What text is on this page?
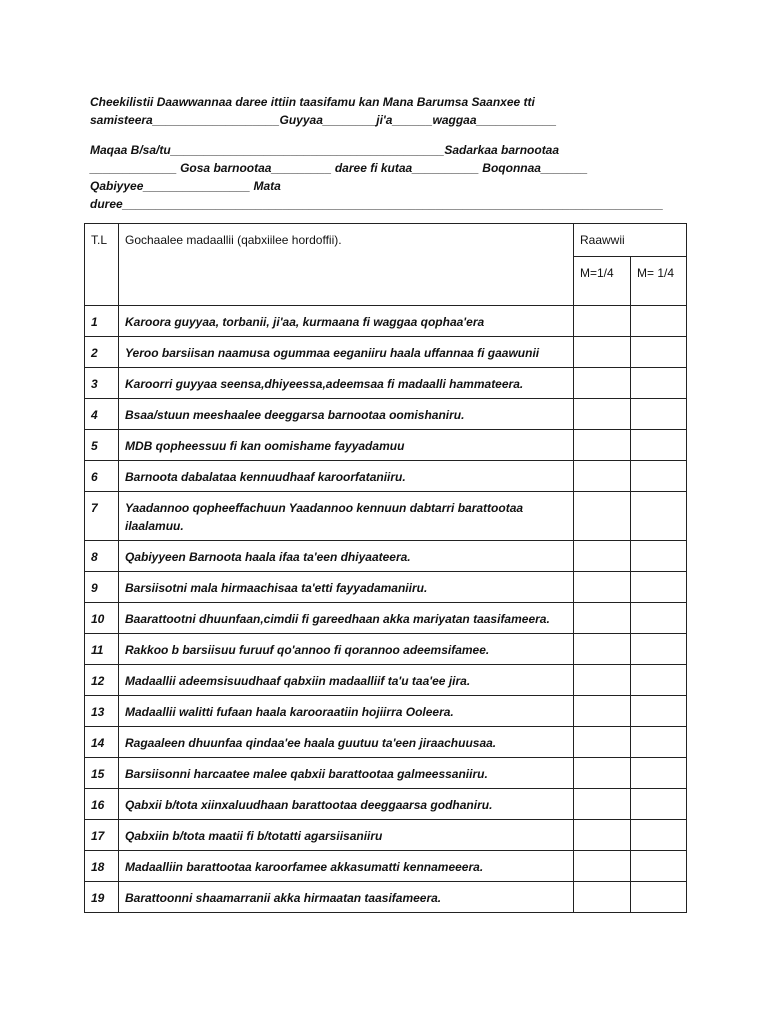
Cheekilistii Daawwannaa daree ittiin taasifamu kan Mana Barumsa Saanxee tti
samisteera___________________Guyyaa________ji'a______waggaa____________
Maqaa B/sa/tu_________________________________________Sadarkaa barnootaa
_____________ Gosa barnootaa_________ daree fi kutaa__________ Boqonnaa_______
Qabiyyee________________ Mata
duree_________________________________________________________________________________
T.L	Gochaalee madaallii (qabxiilee hordoffii).	Raawwii	
		M=1/4	M= 1/4
1	Karoora guyyaa, torbanii, ji'aa, kurmaana fi waggaa qophaa'era		
2	Yeroo barsiisan naamusa ogummaa eeganiiru haala uffannaa fi gaawunii		
3	Karoorri guyyaa seensa,dhiyeessa,adeemsaa fi madaalli hammateera.		
4	Bsaa/stuun meeshaalee deeggarsa barnootaa oomishaniru.		
5	MDB qopheessuu fi kan oomishame fayyadamuu		
6	Barnoota dabalataa kennuudhaaf karoorfataniiru.		
7	Yaadannoo qopheeffachuun Yaadannoo kennuun dabtarri barattootaa ilaalamuu.		
8	Qabiyyeen Barnoota haala ifaa ta'een dhiyaateera.		
9	Barsiisotni mala hirmaachisaa ta'etti fayyadamaniiru.		
10	Baarattootni dhuunfaan,cimdii fi gareedhaan akka mariyatan taasifameera.		
11	Rakkoo b barsiisuu furuuf qo'annoo fi qorannoo adeemsifamee.		
12	Madaallii adeemsisuudhaaf qabxiin madaalliif ta'u taa'ee jira.		
13	Madaallii walitti fufaan haala karooraatiin hojiirra Ooleera.		
14	Ragaaleen dhuunfaa qindaa'ee haala guutuu ta'een jiraachuusaa.		
15	Barsiisonni harcaatee malee qabxii barattootaa galmeessaniiru.		
16	Qabxii b/tota xiinxaluudhaan barattootaa deeggaarsa godhaniru.		
17	Qabxiin b/tota maatii fi b/totatti agarsiisaniiru		
18	Madaalliin barattootaa karoorfamee akkasumatti kennameeera.		
19	Barattoonni shaamarranii akka hirmaatan taasifameera.		
